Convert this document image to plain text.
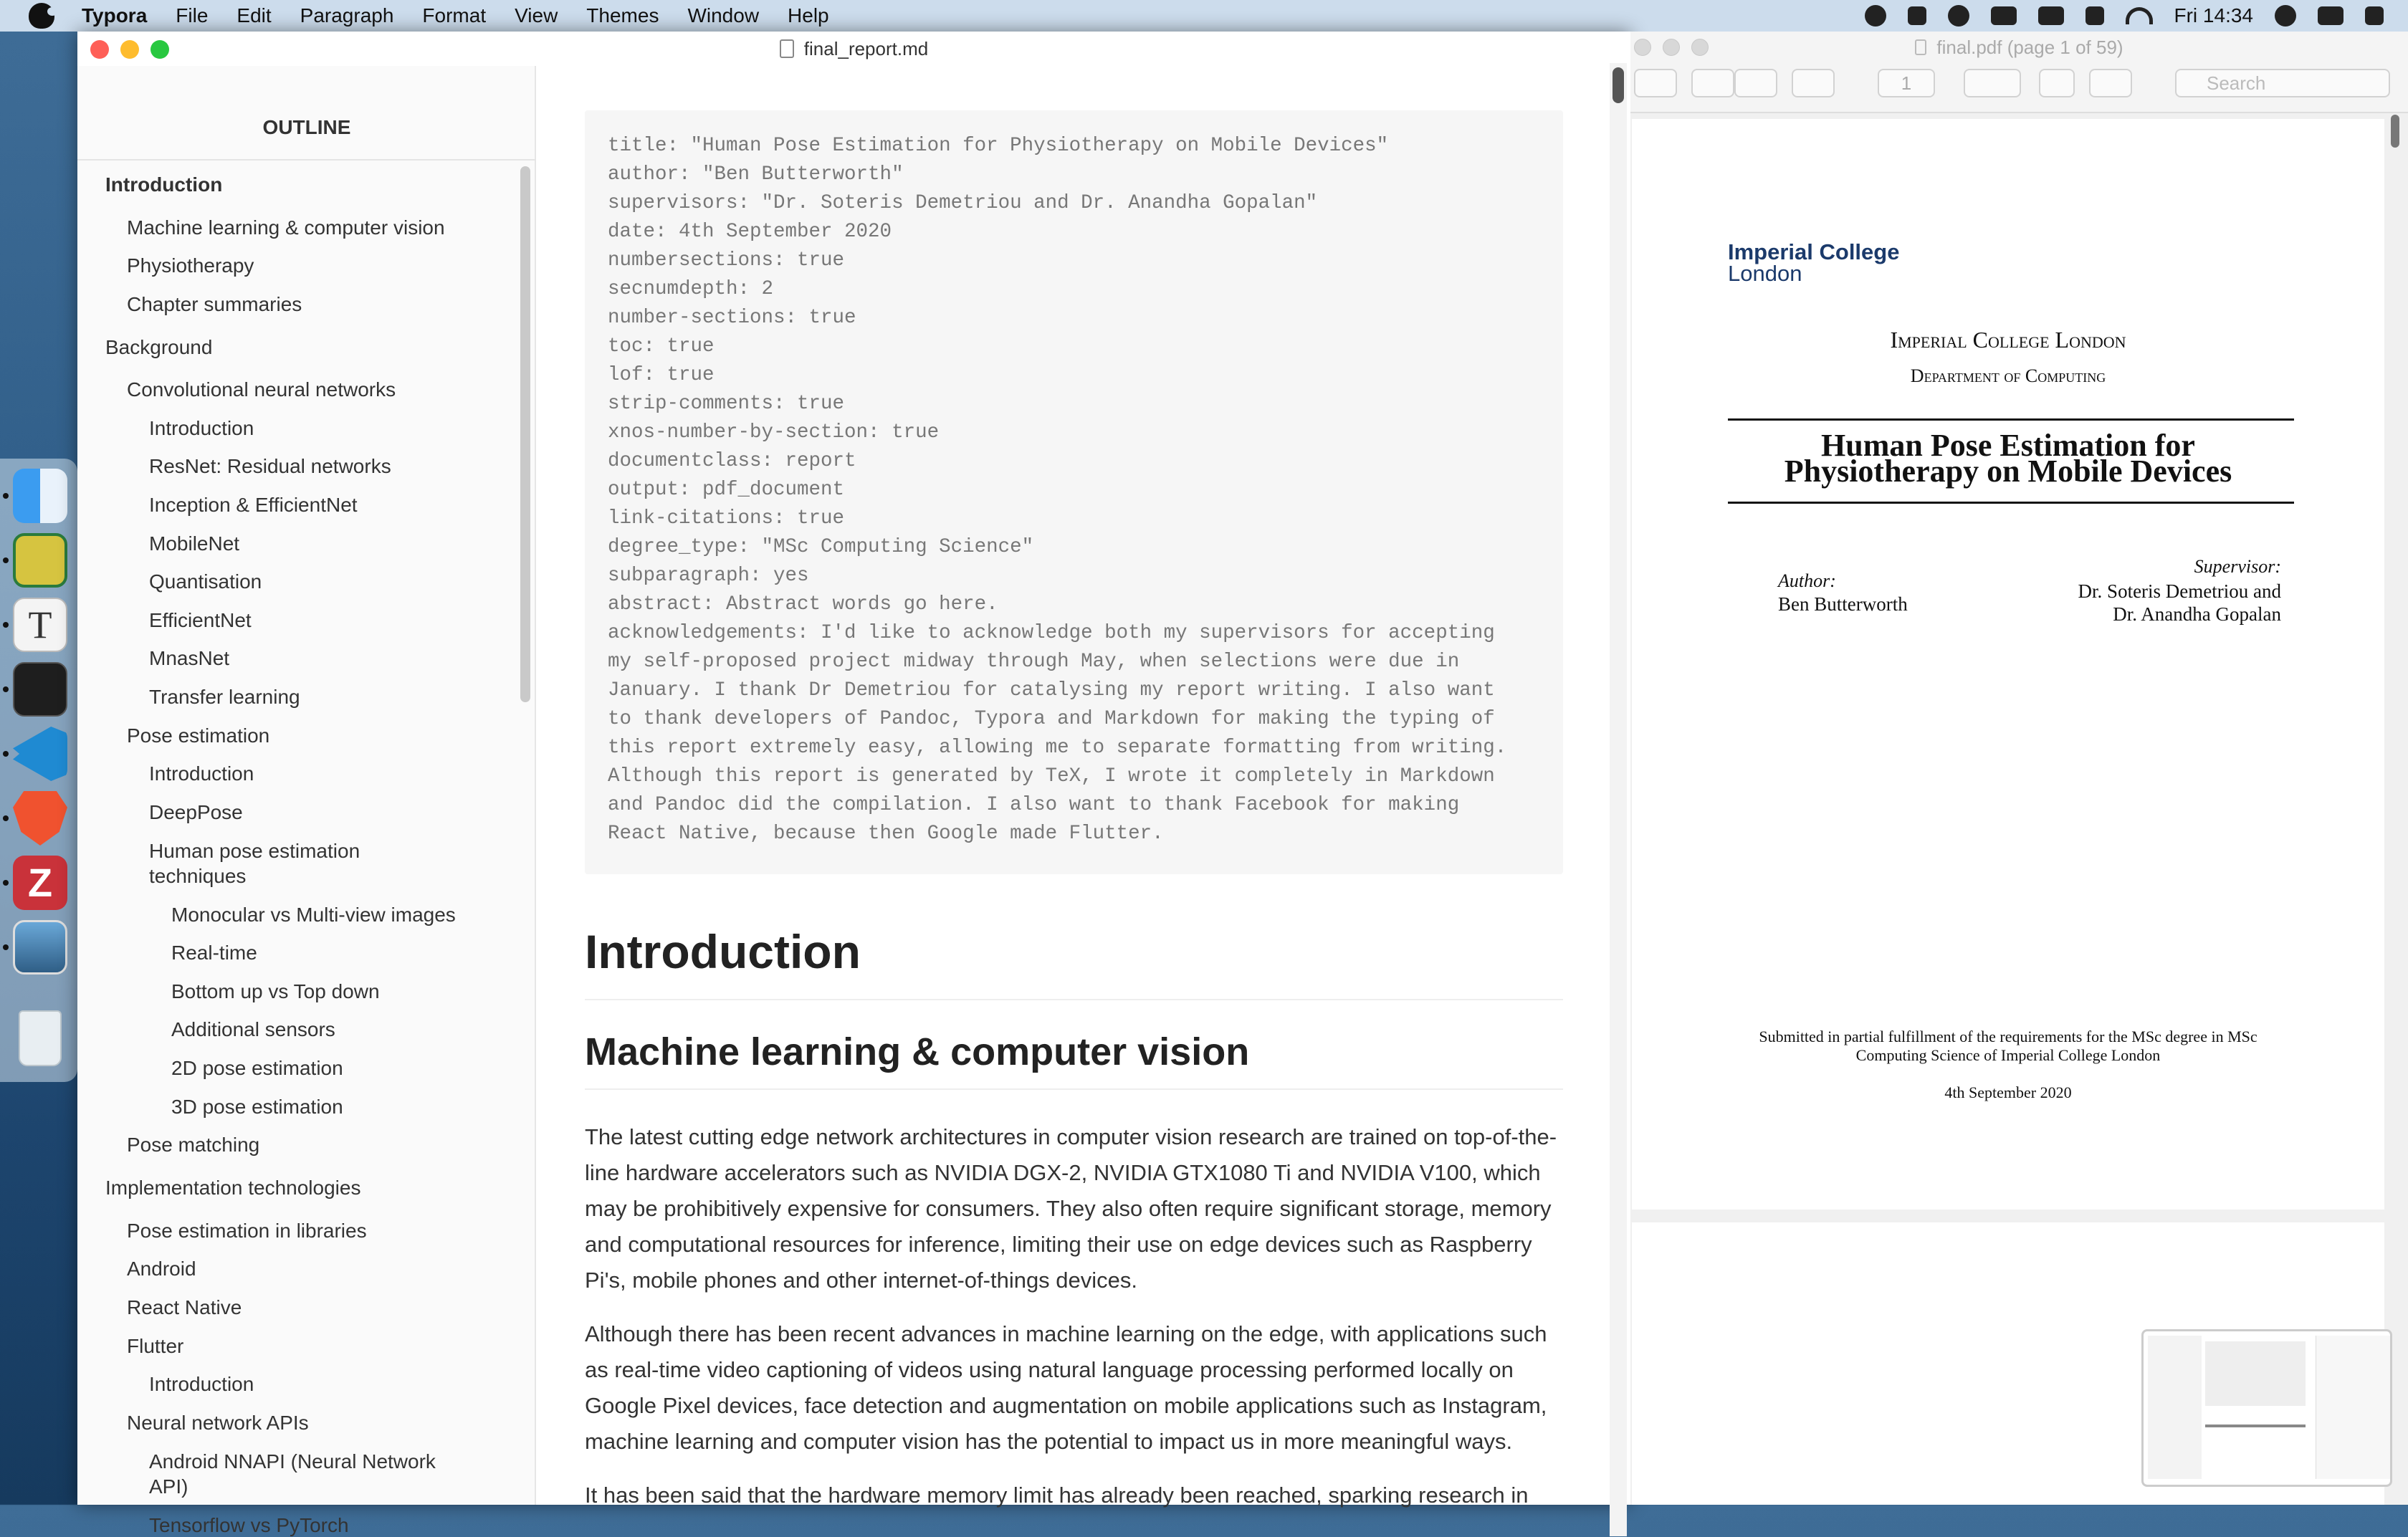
Typora File Edit Paragraph Format View Themes Window Help	Fri 14:34
T
Z
final_report.md
OUTLINE
Introduction
Machine learning & computer vision
Physiotherapy
Chapter summaries
Background
Convolutional neural networks
Introduction
ResNet: Residual networks
Inception & EfficientNet
MobileNet
Quantisation
EfficientNet
MnasNet
Transfer learning
Pose estimation
Introduction
DeepPose
Human pose estimation
techniques
Monocular vs Multi-view images
Real-time
Bottom up vs Top down
Additional sensors
2D pose estimation
3D pose estimation
Pose matching
Implementation technologies
Pose estimation in libraries
Android
React Native
Flutter
Introduction
Neural network APIs
Android NNAPI (Neural Network
API)
Tensorflow vs PyTorch
title: "Human Pose Estimation for Physiotherapy on Mobile Devices"
author: "Ben Butterworth"
supervisors: "Dr. Soteris Demetriou and Dr. Anandha Gopalan"
date: 4th September 2020
numbersections: true
secnumdepth: 2
number-sections: true
toc: true
lof: true
strip-comments: true
xnos-number-by-section: true
documentclass: report
output: pdf_document
link-citations: true
degree_type: "MSc Computing Science"
subparagraph: yes
abstract: Abstract words go here.
acknowledgements: I'd like to acknowledge both my supervisors for accepting
my self-proposed project midway through May, when selections were due in
January. I thank Dr Demetriou for catalysing my report writing. I also want
to thank developers of Pandoc, Typora and Markdown for making the typing of
this report extremely easy, allowing me to separate formatting from writing.
Although this report is generated by TeX, I wrote it completely in Markdown
and Pandoc did the compilation. I also want to thank Facebook for making
React Native, because then Google made Flutter.
Introduction
Machine learning & computer vision
The latest cutting edge network architectures in computer vision research are trained on top-of-the-line hardware accelerators such as NVIDIA DGX-2, NVIDIA GTX1080 Ti and NVIDIA V100, which may be prohibitively expensive for consumers. They also often require significant storage, memory and computational resources for inference, limiting their use on edge devices such as Raspberry Pi's, mobile phones and other internet-of-things devices.
Although there has been recent advances in machine learning on the edge, with applications such as real-time video captioning of videos using natural language processing performed locally on Google Pixel devices, face detection and augmentation on mobile applications such as Instagram, machine learning and computer vision has the potential to impact us in more meaningful ways.
It has been said that the hardware memory limit has already been reached, sparking research in
final.pdf (page 1 of 59)
1	Search
Imperial College
London
Imperial College London
Department of Computing
Human Pose Estimation for
Physiotherapy on Mobile Devices
Author:
Ben Butterworth
Supervisor:
Dr. Soteris Demetriou and
Dr. Anandha Gopalan
Submitted in partial fulfillment of the requirements for the MSc degree in MSc
Computing Science of Imperial College London
4th September 2020
